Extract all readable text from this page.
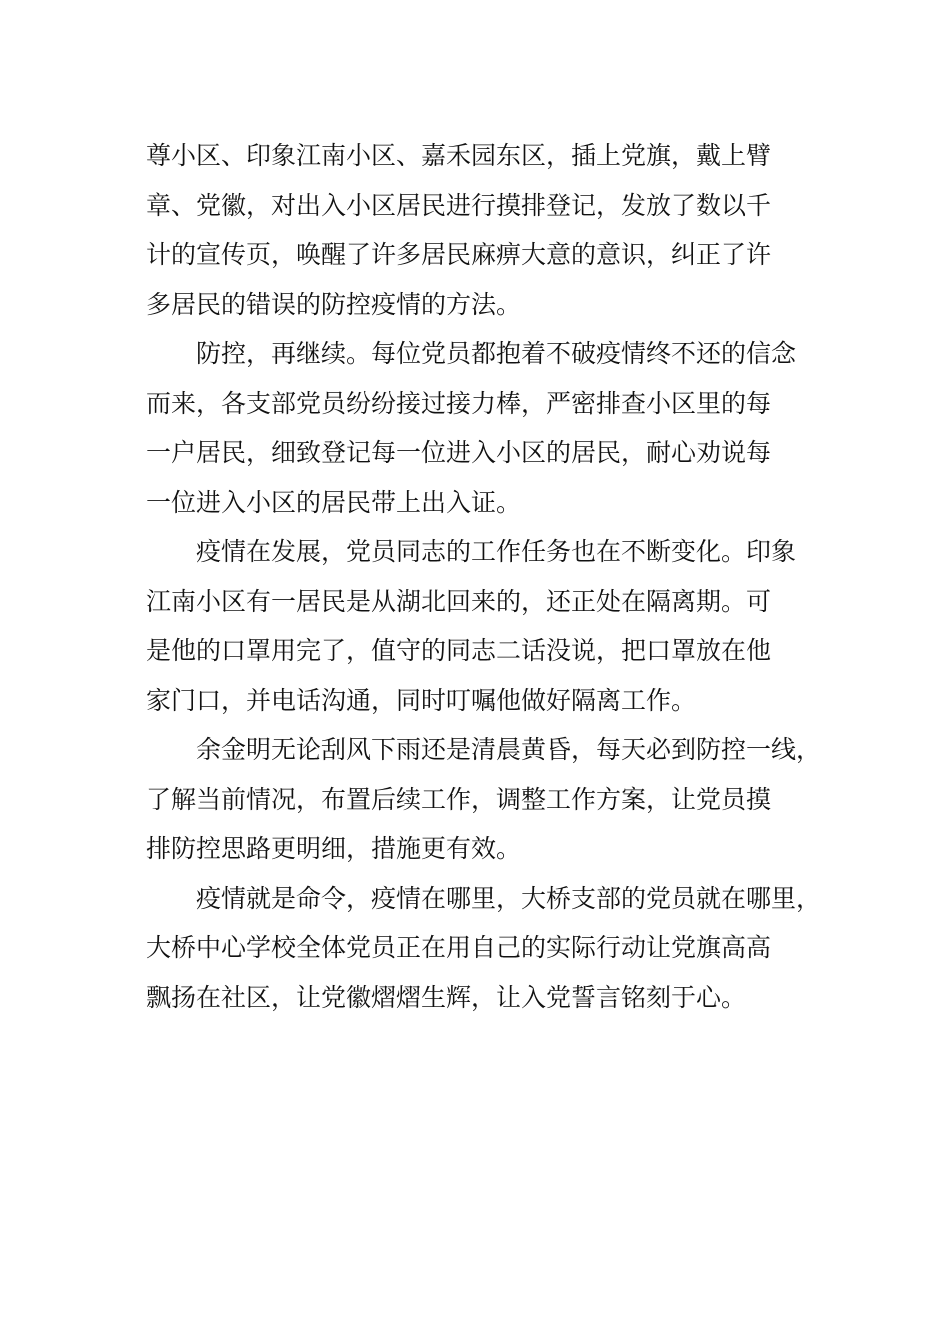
尊小区、印象江南小区、嘉禾园东区，插上党旗，戴上臂
章、党徽，对出入小区居民进行摸排登记，发放了数以千
计的宣传页，唤醒了许多居民麻痹大意的意识，纠正了许
多居民的错误的防控疫情的方法。
　　防控，再继续。每位党员都抱着不破疫情终不还的信念
而来，各支部党员纷纷接过接力棒，严密排查小区里的每
一户居民，细致登记每一位进入小区的居民，耐心劝说每
一位进入小区的居民带上出入证。
　　疫情在发展，党员同志的工作任务也在不断变化。印象
江南小区有一居民是从湖北回来的，还正处在隔离期。可
是他的口罩用完了，值守的同志二话没说，把口罩放在他
家门口，并电话沟通，同时叮嘱他做好隔离工作。
　　余金明无论刮风下雨还是清晨黄昏，每天必到防控一线，
了解当前情况，布置后续工作，调整工作方案，让党员摸
排防控思路更明细，措施更有效。
　　疫情就是命令，疫情在哪里，大桥支部的党员就在哪里，
大桥中心学校全体党员正在用自己的实际行动让党旗高高
飘扬在社区，让党徽熠熠生辉，让入党誓言铭刻于心。
